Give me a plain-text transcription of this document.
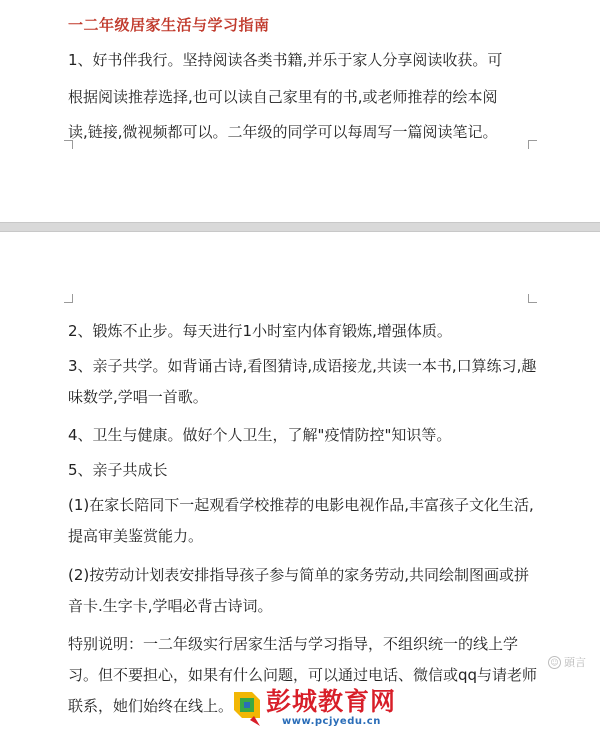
一二年级居家生活与学习指南

1、好书伴我行。坚持阅读各类书籍,并乐于家人分享阅读收获。可

根据阅读推荐选择,也可以读自己家里有的书,或老师推荐的绘本阅

读,链接,微视频都可以。二年级的同学可以每周写一篇阅读笔记。

2、锻炼不止步。每天进行1小时室内体育锻炼,增强体质。

3、亲子共学。如背诵古诗,看图猜诗,成语接龙,共读一本书,口算练习,趣味数学,学唱一首歌。

4、卫生与健康。做好个人卫生，了解"疫情防控"知识等。

5、亲子共成长

(1)在家长陪同下一起观看学校推荐的电影电视作品,丰富孩子文化生活,提高审美鉴赏能力。

(2)按劳动计划表安排指导孩子参与简单的家务劳动,共同绘制图画或拼音卡.生字卡,学唱必背古诗词。

特别说明：一二年级实行居家生活与学习指导，不组织统一的线上学习。但不要担心，如果有什么问题，可以通过电话、微信或qq与请老师联系，她们始终在线上。

☺ 頭言
彭城教育网
www.pcjyedu.cn
